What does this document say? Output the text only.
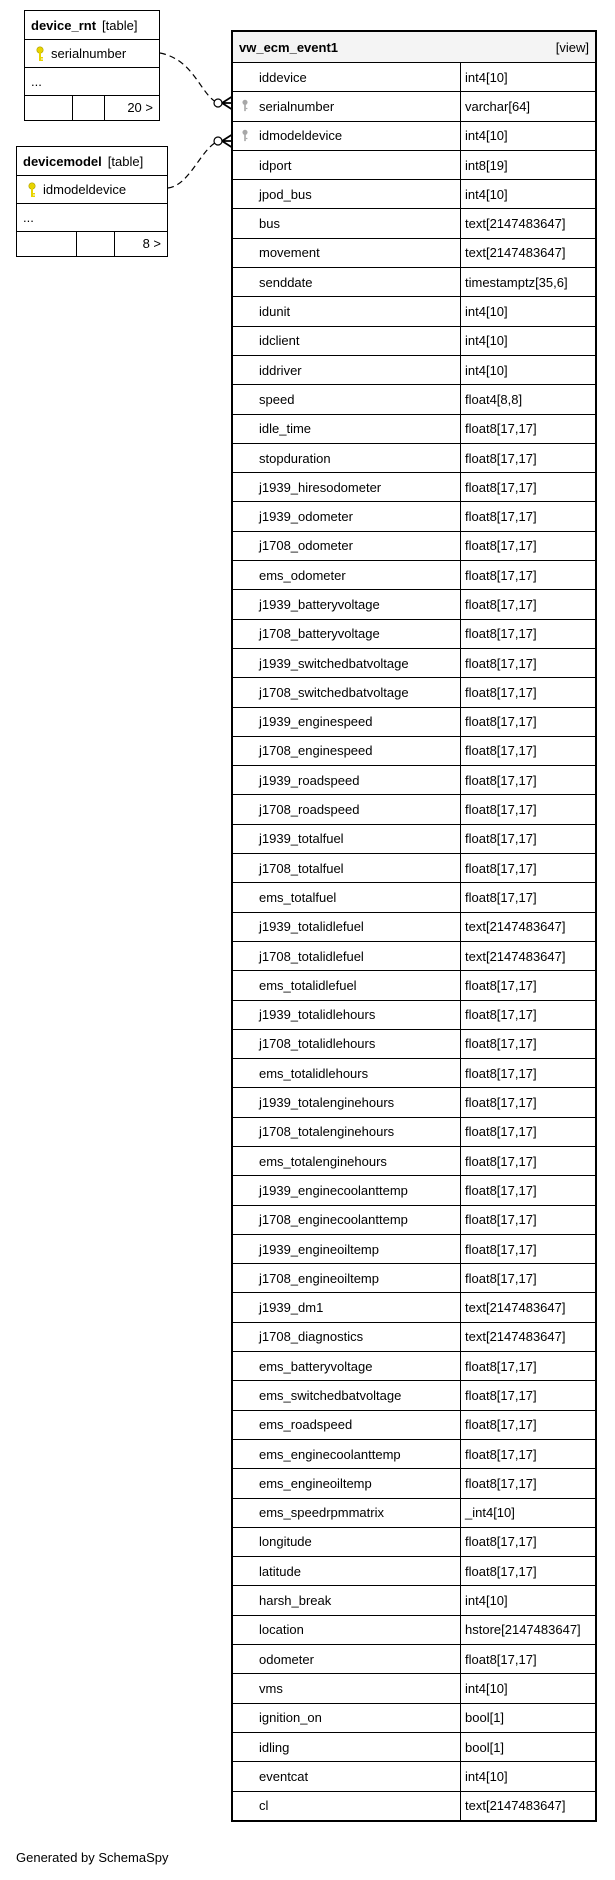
device_rnt [table]
serialnumber
...
20 >
devicemodel [table]
idmodeldevice
...
8 >
vw_ecm_event1	[view]
iddevice	int4[10]
serialnumber	varchar[64]
idmodeldevice	int4[10]
idport	int8[19]
jpod_bus	int4[10]
bus	text[2147483647]
movement	text[2147483647]
senddate	timestamptz[35,6]
idunit	int4[10]
idclient	int4[10]
iddriver	int4[10]
speed	float4[8,8]
idle_time	float8[17,17]
stopduration	float8[17,17]
j1939_hiresodometer	float8[17,17]
j1939_odometer	float8[17,17]
j1708_odometer	float8[17,17]
ems_odometer	float8[17,17]
j1939_batteryvoltage	float8[17,17]
j1708_batteryvoltage	float8[17,17]
j1939_switchedbatvoltage	float8[17,17]
j1708_switchedbatvoltage	float8[17,17]
j1939_enginespeed	float8[17,17]
j1708_enginespeed	float8[17,17]
j1939_roadspeed	float8[17,17]
j1708_roadspeed	float8[17,17]
j1939_totalfuel	float8[17,17]
j1708_totalfuel	float8[17,17]
ems_totalfuel	float8[17,17]
j1939_totalidlefuel	text[2147483647]
j1708_totalidlefuel	text[2147483647]
ems_totalidlefuel	float8[17,17]
j1939_totalidlehours	float8[17,17]
j1708_totalidlehours	float8[17,17]
ems_totalidlehours	float8[17,17]
j1939_totalenginehours	float8[17,17]
j1708_totalenginehours	float8[17,17]
ems_totalenginehours	float8[17,17]
j1939_enginecoolanttemp	float8[17,17]
j1708_enginecoolanttemp	float8[17,17]
j1939_engineoiltemp	float8[17,17]
j1708_engineoiltemp	float8[17,17]
j1939_dm1	text[2147483647]
j1708_diagnostics	text[2147483647]
ems_batteryvoltage	float8[17,17]
ems_switchedbatvoltage	float8[17,17]
ems_roadspeed	float8[17,17]
ems_enginecoolanttemp	float8[17,17]
ems_engineoiltemp	float8[17,17]
ems_speedrpmmatrix	_int4[10]
longitude	float8[17,17]
latitude	float8[17,17]
harsh_break	int4[10]
location	hstore[2147483647]
odometer	float8[17,17]
vms	int4[10]
ignition_on	bool[1]
idling	bool[1]
eventcat	int4[10]
cl	text[2147483647]
Generated by SchemaSpy
